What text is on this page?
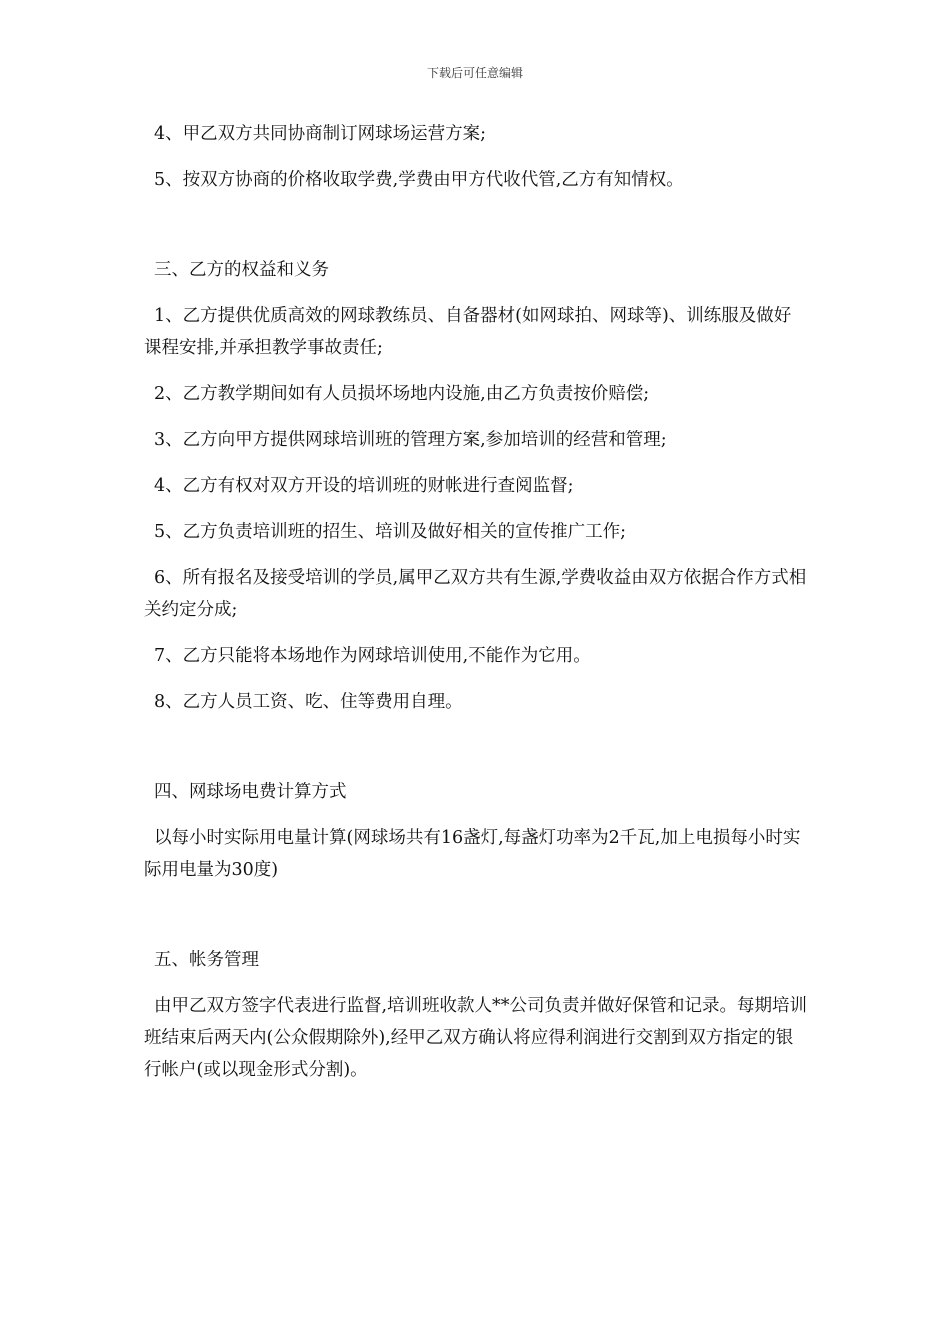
下载后可任意编辑
4、甲乙双方共同协商制订网球场运营方案;
5、按双方协商的价格收取学费,学费由甲方代收代管,乙方有知情权。
三、乙方的权益和义务
1、乙方提供优质高效的网球教练员、自备器材(如网球拍、网球等)、训练服及做好课程安排,并承担教学事故责任;
2、乙方教学期间如有人员损坏场地内设施,由乙方负责按价赔偿;
3、乙方向甲方提供网球培训班的管理方案,参加培训的经营和管理;
4、乙方有权对双方开设的培训班的财帐进行查阅监督;
5、乙方负责培训班的招生、培训及做好相关的宣传推广工作;
6、所有报名及接受培训的学员,属甲乙双方共有生源,学费收益由双方依据合作方式相关约定分成;
7、乙方只能将本场地作为网球培训使用,不能作为它用。
8、乙方人员工资、吃、住等费用自理。
四、网球场电费计算方式
以每小时实际用电量计算(网球场共有16盏灯,每盏灯功率为2千瓦,加上电损每小时实际用电量为30度)
五、帐务管理
由甲乙双方签字代表进行监督,培训班收款人**公司负责并做好保管和记录。每期培训班结束后两天内(公众假期除外),经甲乙双方确认将应得利润进行交割到双方指定的银行帐户(或以现金形式分割)。
